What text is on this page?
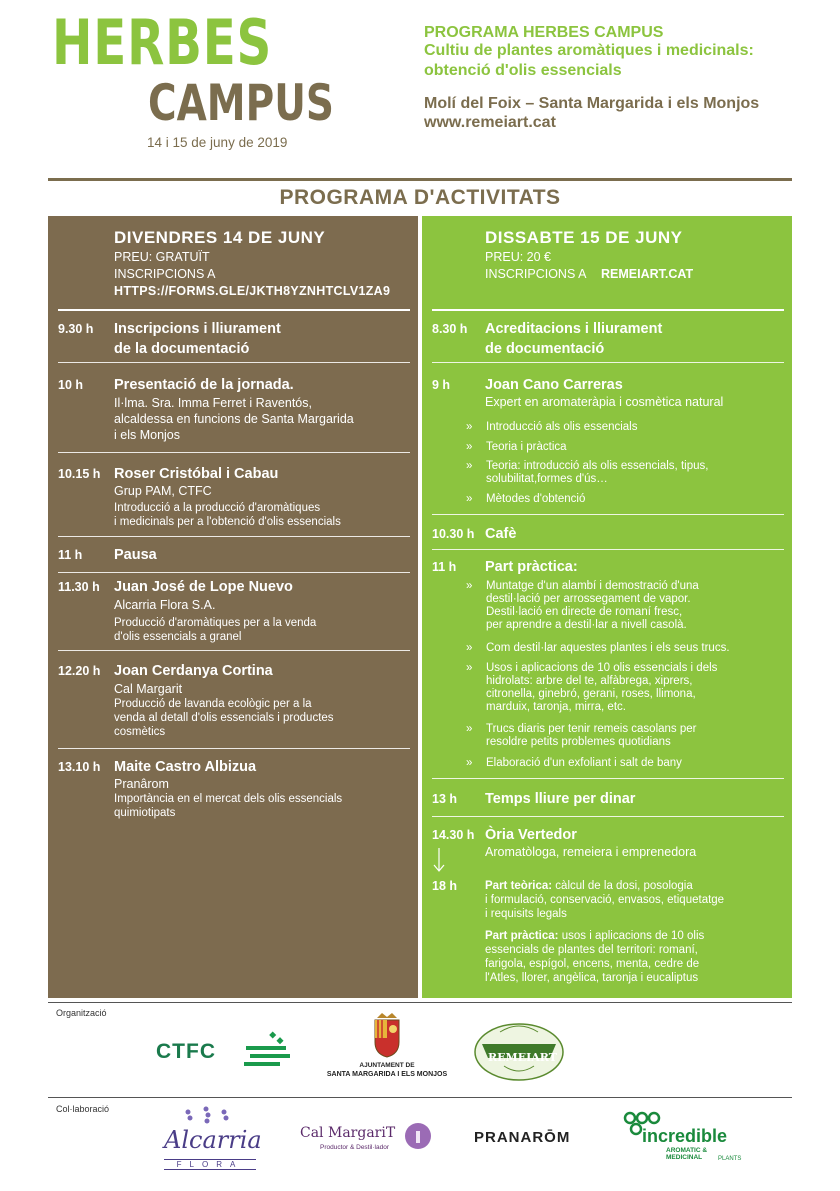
HERBES
CAMPUS
14 i 15 de juny de 2019
PROGRAMA HERBES CAMPUS
Cultiu de plantes aromàtiques i medicinals:
obtenció d'olis essencials
Molí del Foix – Santa Margarida i els Monjos
www.remeiart.cat
PROGRAMA D'ACTIVITATS
DIVENDRES 14 DE JUNY
PREU: GRATUÏT
INSCRIPCIONS A
HTTPS://FORMS.GLE/JKTH8YZNHTCLV1ZA9
9.30 h Inscripcions i lliurament
de la documentació
10 h Presentació de la jornada.
Il·lma. Sra. Imma Ferret i Raventós,
alcaldessa en funcions de Santa Margarida
i els Monjos
10.15 h Roser Cristóbal i Cabau
Grup PAM, CTFC
Introducció a la producció d'aromàtiques
i medicinals per a l'obtenció d'olis essencials
11 h Pausa
11.30 h Juan José de Lope Nuevo
Alcarria Flora S.A.
Producció d'aromàtiques per a la venda
d'olis essencials a granel
12.20 h Joan Cerdanya Cortina
Cal Margarit
Producció de lavanda ecològic per a la
venda al detall d'olis essencials i productes
cosmètics
13.10 h Maite Castro Albizua
Pranârom
Importància en el mercat dels olis essencials
quimiotipats
DISSABTE 15 DE JUNY
PREU: 20 €
INSCRIPCIONS A REMEIART.CAT
8.30 h Acreditacions i lliurament
de documentació
9 h Joan Cano Carreras
Expert en aromateràpia i cosmètica natural
» Introducció als olis essencials
» Teoria i pràctica
» Teoria: introducció als olis essencials, tipus,
solubilitat,formes d'ús…
» Mètodes d'obtenció
10.30 h Cafè
11 h Part pràctica:
» Muntatge d'un alambí i demostració d'una
destil·lació per arrossegament de vapor.
Destil·lació en directe de romaní fresc,
per aprendre a destil·lar a nivell casolà.
» Com destil·lar aquestes plantes i els seus trucs.
» Usos i aplicacions de 10 olis essencials i dels
hidrolats: arbre del te, alfàbrega, xiprers,
citronella, ginebró, gerani, roses, llimona,
marduix, taronja, mirra, etc.
» Trucs diaris per tenir remeis casolans per
resoldre petits problemes quotidians
» Elaboració d'un exfoliant i salt de bany
13 h Temps lliure per dinar
14.30 h Òria Vertedor
Aromatòloga, remeiera i emprenedora
18 h Part teòrica: càlcul de la dosi, posologia
i formulació, conservació, envasos, etiquetatge
i requisits legals
Part pràctica: usos i aplicacions de 10 olis
essencials de plantes del territori: romaní,
farigola, espígol, encens, menta, cedre de
l'Atles, llorer, angèlica, taronja i eucaliptus
Organització
CTFC
AJUNTAMENT DE
SANTA MARGARIDA I ELS MONJOS
REMEIART
Col·laboració
Alcarria
FLORA
Cal MargariT
Productor & Destil·lador
PRANARŌM	incredible
AROMATIC & MEDICINAL	PLANTS
